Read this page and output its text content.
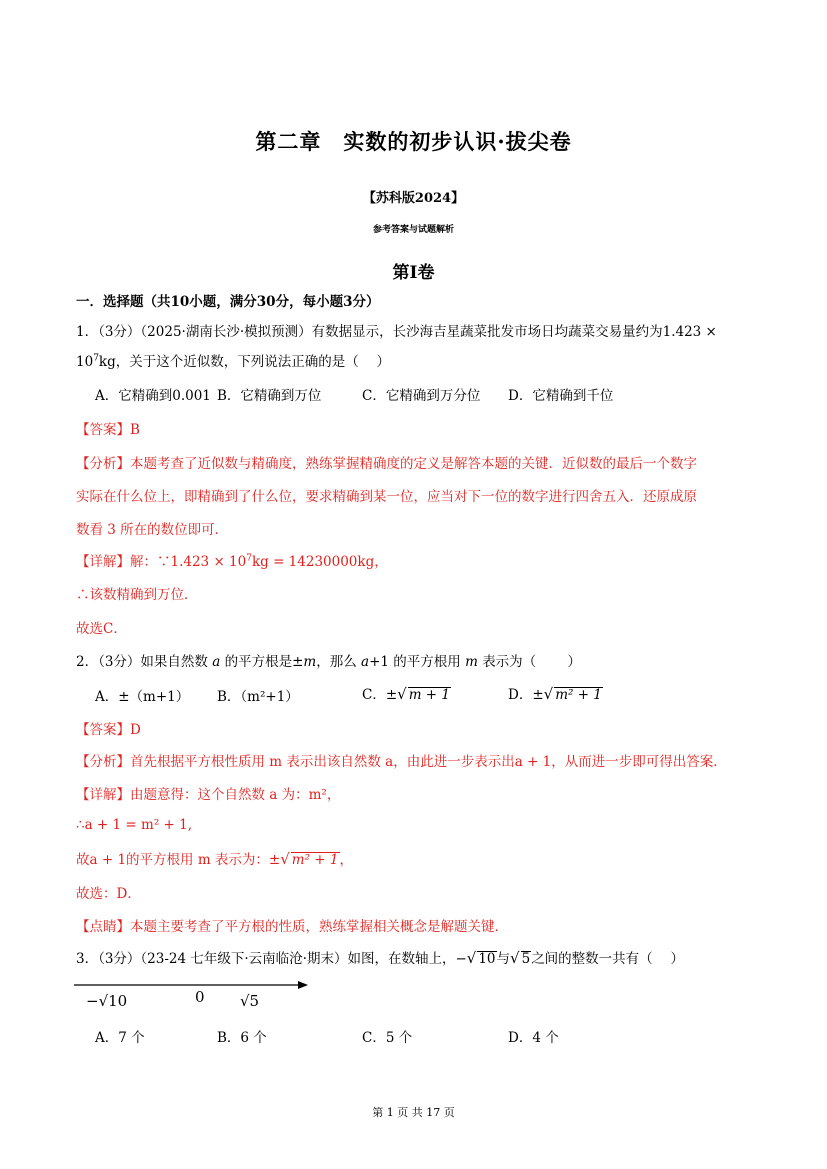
第二章　实数的初步认识·拔尖卷
【苏科版2024】
参考答案与试题解析
第I卷
一．选择题（共10小题，满分30分，每小题3分）
1．（3分）（2025·湖南长沙·模拟预测）有数据显示，长沙海吉星蔬菜批发市场日均蔬菜交易量约为1.423 ×
$10^7kg$，关于这个近似数，下列说法正确的是（　 ）
A．它精确到0.001 B．它精确到万位	C．它精确到万分位 D．它精确到千位
【答案】B
【分析】本题考查了近似数与精确度，熟练掌握精确度的定义是解答本题的关键．近似数的最后一个数字
实际在什么位上，即精确到了什么位，要求精确到某一位，应当对下一位的数字进行四舍五入．还原成原
数看 3 所在的数位即可．
【详解】解：∵1.423 × $10^7kg = 14230000kg$，
∴该数精确到万位．
故选C．
2．（3分）如果自然数 a 的平方根是±m，那么 a+1 的平方根用 m 表示为（　　 ）
A．±（m+1） B．（m²+1）	C．±√ m + 1	D．±√ m² + 1
【答案】D
【分析】首先根据平方根性质用 m 表示出该自然数 a，由此进一步表示出a + 1，从而进一步即可得出答案．
【详解】由题意得：这个自然数 a 为：m²，
∴a + 1 = m² + 1,
故a + 1的平方根用 m 表示为：±√ m² + 1，
故选：D．
【点睛】本题主要考查了平方根的性质，熟练掌握相关概念是解题关键．
3．（3分）（23-24 七年级下·云南临沧·期末）如图，在数轴上，−√ 10与√ 5之间的整数一共有（　 ）
−√10	0 √5
A．7 个	B．6 个	C．5 个	D．4 个
第 1 页 共 17 页
